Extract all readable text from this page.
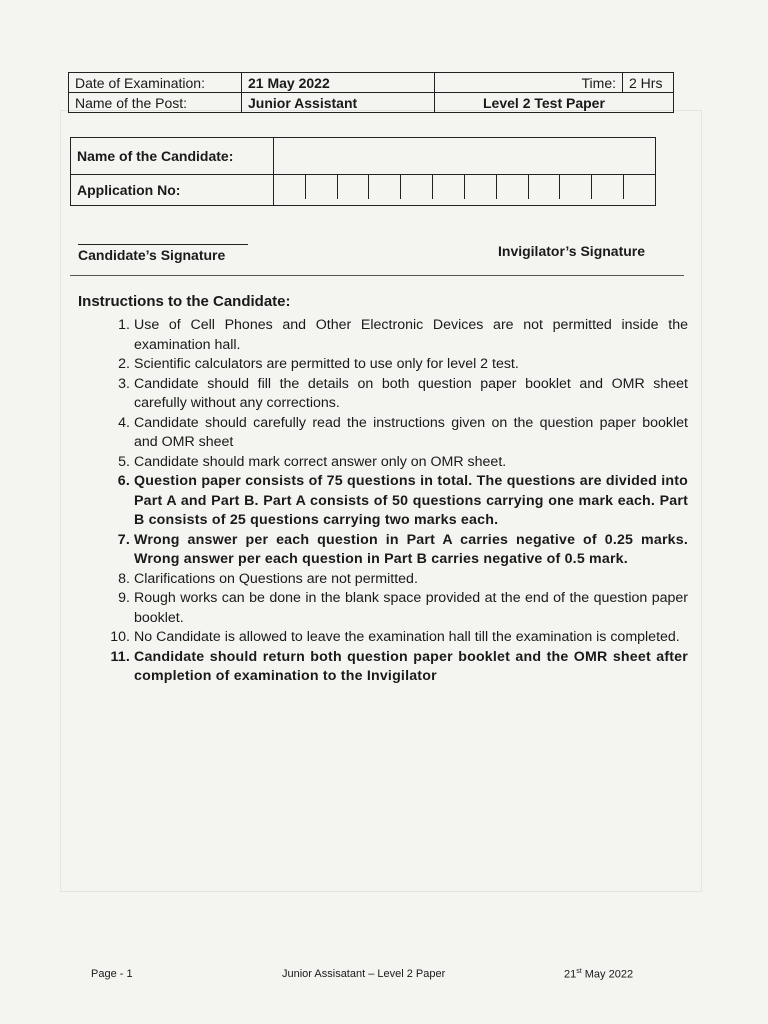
Date of Examination:	21 May 2022	Time:	2 Hrs
Name of the Post:	Junior Assistant	Level 2 Test Paper	
Name of the Candidate:	
Application No:	
Candidate’s Signature	Invigilator’s Signature
Instructions to the Candidate:
1. Use of Cell Phones and Other Electronic Devices are not permitted inside the examination hall.
2. Scientific calculators are permitted to use only for level 2 test.
3. Candidate should fill the details on both question paper booklet and OMR sheet carefully without any corrections.
4. Candidate should carefully read the instructions given on the question paper booklet and OMR sheet
5. Candidate should mark correct answer only on OMR sheet.
6. Question paper consists of 75 questions in total. The questions are divided into Part A and Part B. Part A consists of 50 questions carrying one mark each. Part B consists of 25 questions carrying two marks each.
7. Wrong answer per each question in Part A carries negative of 0.25 marks. Wrong answer per each question in Part B carries negative of 0.5 mark.
8. Clarifications on Questions are not permitted.
9. Rough works can be done in the blank space provided at the end of the question paper booklet.
10. No Candidate is allowed to leave the examination hall till the examination is completed.
11. Candidate should return both question paper booklet and the OMR sheet after completion of examination to the Invigilator
Page - 1	Junior Assisatant – Level 2 Paper	21st May 2022
